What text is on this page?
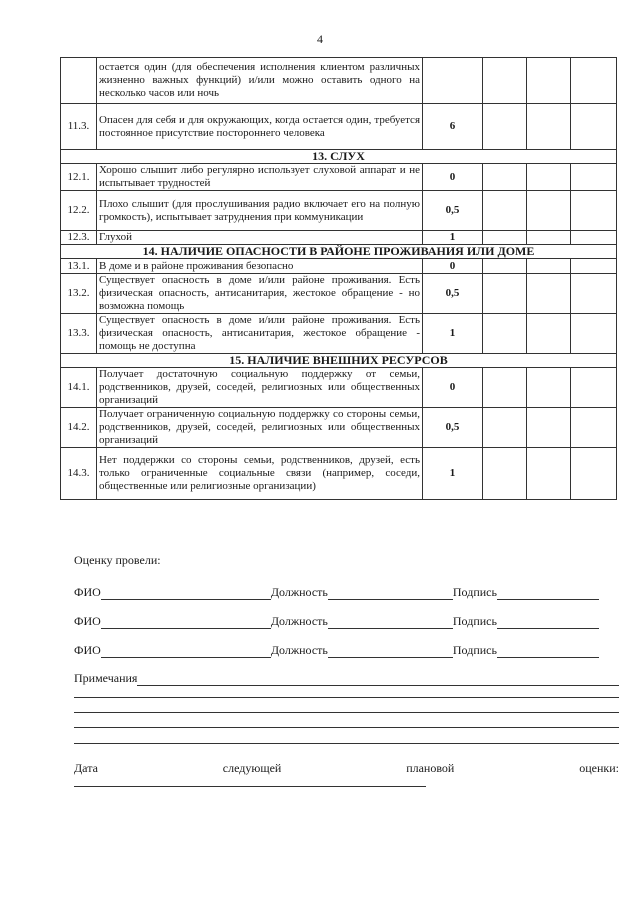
4
	остается один (для обеспечения исполнения клиентом различных жизненно важных функций) и/или можно оставить одного на несколько часов или ночь				
11.3.	Опасен для себя и для окружающих, когда остается один, требуется постоянное присутствие постороннего человека	6			
13. СЛУХ					
12.1.	Хорошо слышит либо регулярно использует слуховой аппарат и не испытывает трудностей	0			
12.2.	Плохо слышит (для прослушивания радио включает его на полную громкость), испытывает затруднения при коммуникации	0,5			
12.3.	Глухой	1			
14. НАЛИЧИЕ ОПАСНОСТИ В РАЙОНЕ ПРОЖИВАНИЯ ИЛИ ДОМЕ					
13.1.	В доме и в районе проживания безопасно	0			
13.2.	Существует опасность в доме и/или районе проживания. Есть физическая опасность, антисанитария, жестокое обращение - но возможна помощь	0,5			
13.3.	Существует опасность в доме и/или районе проживания. Есть физическая опасность, антисанитария, жестокое обращение - помощь не доступна	1			
15. НАЛИЧИЕ ВНЕШНИХ РЕСУРСОВ					
14.1.	Получает достаточную социальную поддержку от семьи, родственников, друзей, соседей, религиозных или общественных организаций	0			
14.2.	Получает ограниченную социальную поддержку со стороны семьи, родственников, друзей, соседей, религиозных или общественных организаций	0,5			
14.3.	Нет поддержки со стороны семьи, родственников, друзей, есть только ограниченные социальные связи (например, соседи, общественные или религиозные организации)	1			
Оценку провели:
ФИО	Должность	Подпись
ФИО	Должность	Подпись
ФИО	Должность	Подпись
Примечания
Дата	следующей	плановой	оценки:
